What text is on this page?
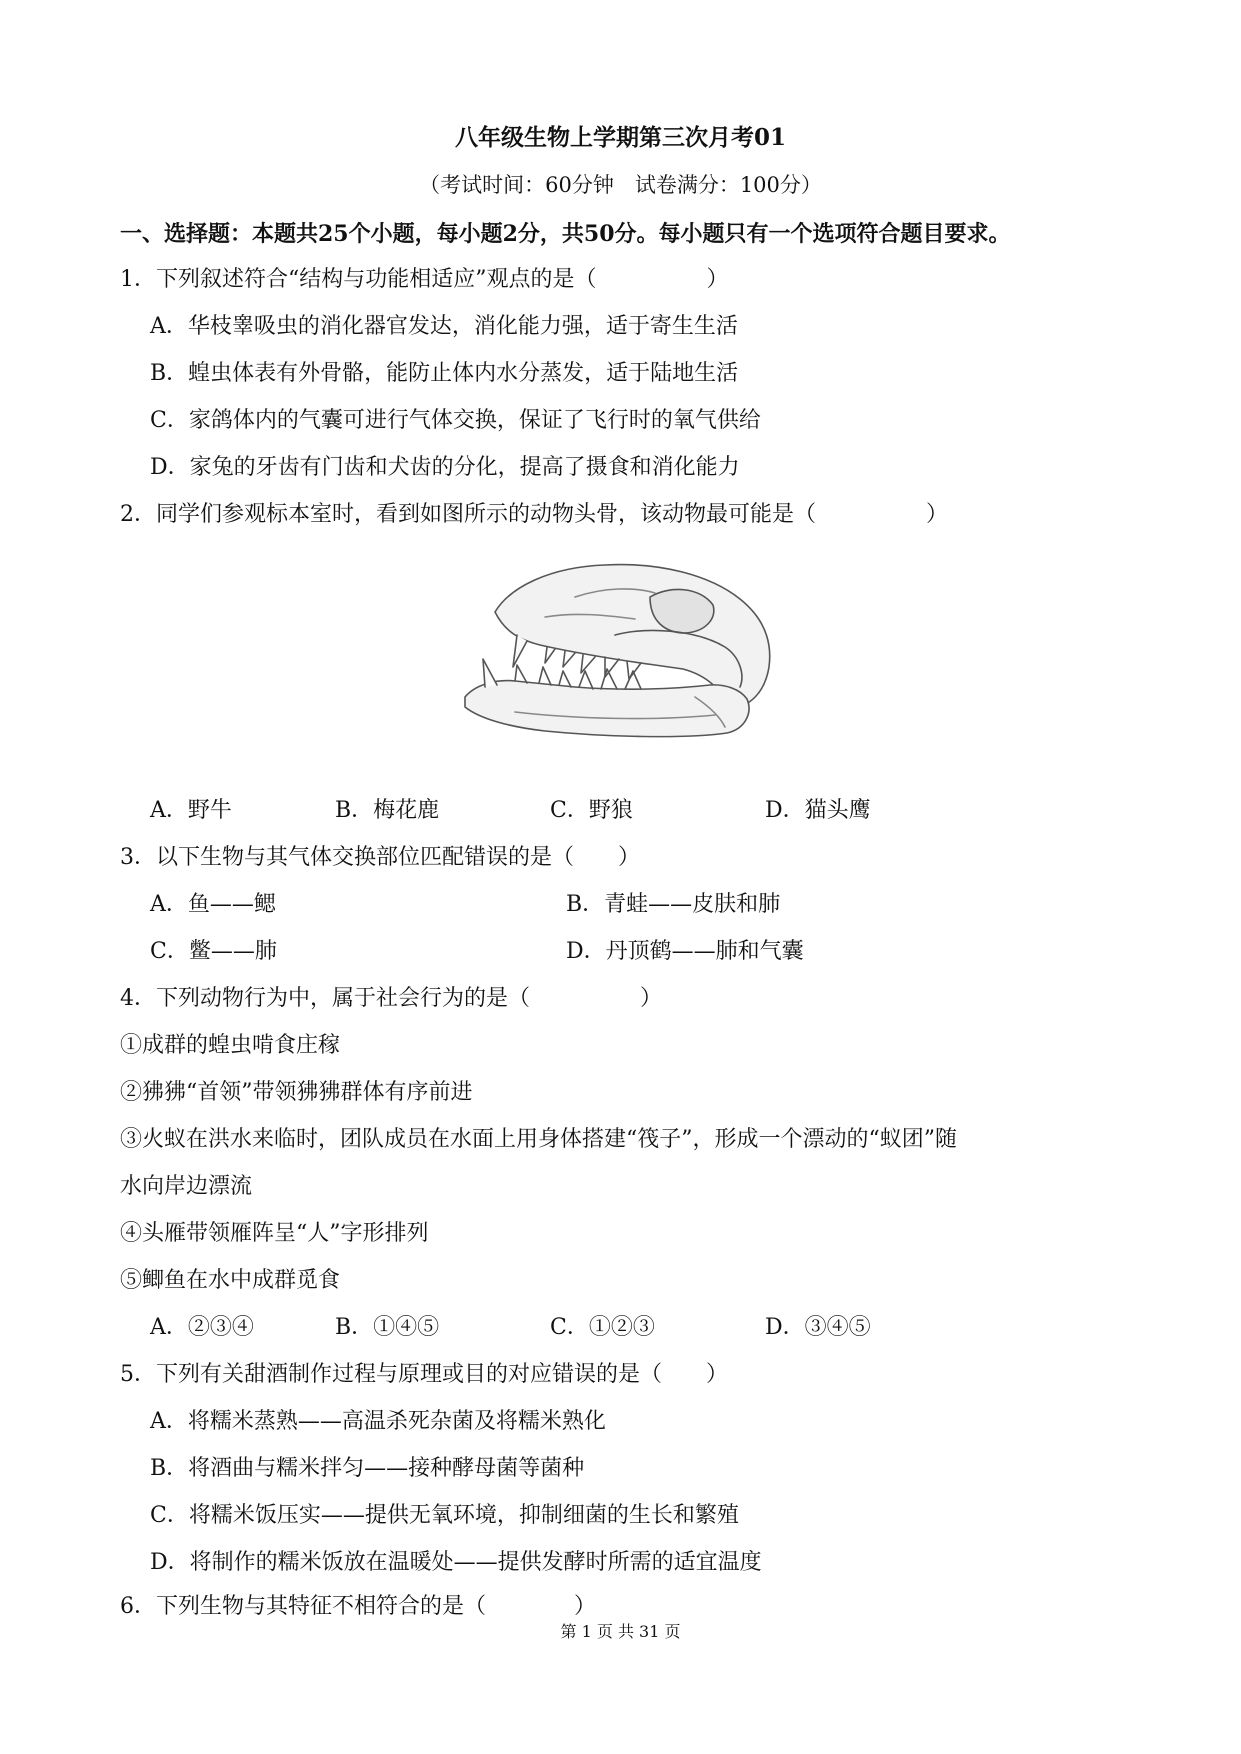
八年级生物上学期第三次月考01
（考试时间：60分钟　试卷满分：100分）
一、选择题：本题共25个小题，每小题2分，共50分。每小题只有一个选项符合题目要求。
1．下列叙述符合“结构与功能相适应”观点的是（　　　　　）
A．华枝睾吸虫的消化器官发达，消化能力强，适于寄生生活
B．蝗虫体表有外骨骼，能防止体内水分蒸发，适于陆地生活
C．家鸽体内的气囊可进行气体交换，保证了飞行时的氧气供给
D．家兔的牙齿有门齿和犬齿的分化，提高了摄食和消化能力
2．同学们参观标本室时，看到如图所示的动物头骨，该动物最可能是（　　　　　）
A．野牛	B．梅花鹿	C．野狼	D．猫头鹰
3．以下生物与其气体交换部位匹配错误的是（　　）
A．鱼——鳃	B．青蛙——皮肤和肺
C．鳖——肺	D．丹顶鹤——肺和气囊
4．下列动物行为中，属于社会行为的是（　　　　　）
①成群的蝗虫啃食庄稼
②狒狒“首领”带领狒狒群体有序前进
③火蚁在洪水来临时，团队成员在水面上用身体搭建“筏子”，形成一个漂动的“蚁团”随
水向岸边漂流
④头雁带领雁阵呈“人”字形排列
⑤鲫鱼在水中成群觅食
A．②③④	B．①④⑤	C．①②③	D．③④⑤
5．下列有关甜酒制作过程与原理或目的对应错误的是（　　）
A．将糯米蒸熟——高温杀死杂菌及将糯米熟化
B．将酒曲与糯米拌匀——接种酵母菌等菌种
C．将糯米饭压实——提供无氧环境，抑制细菌的生长和繁殖
D．将制作的糯米饭放在温暖处——提供发酵时所需的适宜温度
6．下列生物与其特征不相符合的是（　　　　）
第 1 页 共 31 页
